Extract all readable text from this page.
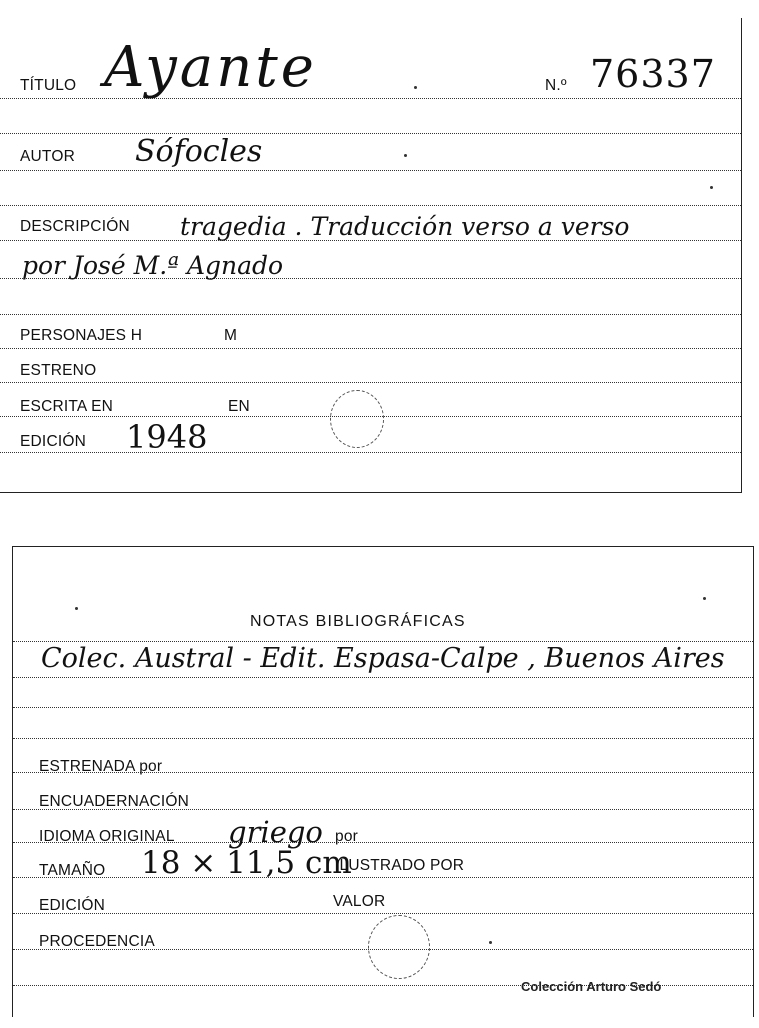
TÍTULO Ayante	N.º 76337
AUTOR Sófocles
DESCRIPCIÓN tragedia . Traducción verso a verso
por José M.ª Agnado
PERSONAJES H	M
ESTRENO
ESCRITA EN	EN
EDICIÓN 1948
NOTAS BIBLIOGRÁFICAS
Colec. Austral - Edit. Espasa-Calpe , Buenos Aires
ESTRENADA por
ENCUADERNACIÓN
IDIOMA ORIGINAL griego por
TAMAÑO 18 × 11,5 cm
ILUSTRADO POR
EDICIÓN	VALOR
PROCEDENCIA
Colección Arturo Sedó
